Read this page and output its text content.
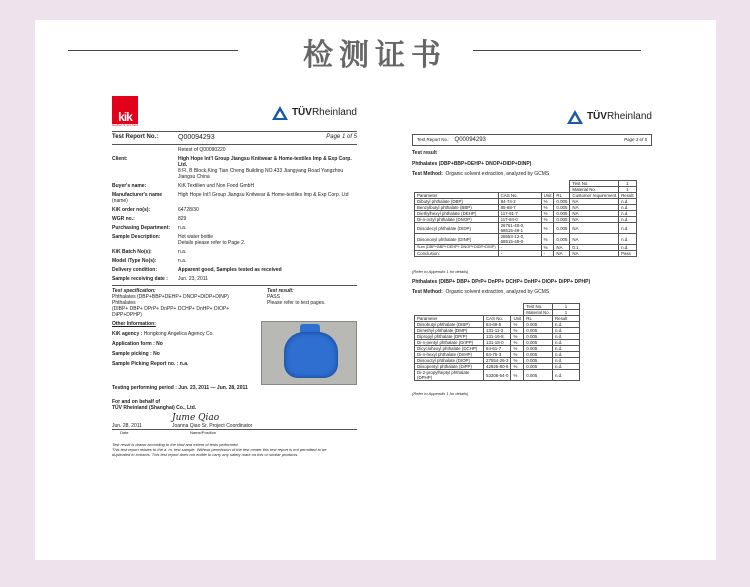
检测证书
kik
textilien & non-food
TÜVRheinland
Test Report No.:	Q00094293	Page 1 of 5
Retest of Q00090220
Client:	High Hope Int'l Group Jiangsu Knitwear & Home-textiles Imp & Exp Corp. Ltd.
8 Fl, B Block,King Tian Cheng Building NO.433 Jiangyang Road Yangzhou Jiangsu China
Buyer's name:	KiK Textilien und Non Food GmbH
Manufacturer's name
(name)
High Hope Int'l Group Jiangsu Knitwear & Home-textiles Imp & Exp Corp. Ltd
KiK order no(s):	64728/30
WGR no.:	829
Purchasing Department:	n.a.
Sample Description:	Hot water bottle
Details please refer to Page 2.
KiK Batch No(s):	n.a.
Model /Type No(s):	n.a.
Delivery condition:	Apparent good, Samples tested as received
Sample receiving date :	Jun. 23, 2011
Test specification:
Phthalates (DBP+BBP+DEHP+ DNOP+DIDP+DINP)
Phthalates
(DIBP+ DBP+ DPrP+ DnPP+ DCHP+ DnHP+ DIOP+
DiPP+DPHP)
Test result:
PASS
Please refer to test pages.
Other Information:
KiK agency : Hongkong Angelica Agency Co.
Application form : No
Sample picking : No
Sample Picking Report no. : n.a.
Testing performing period : Jun. 23, 2011 — Jun. 28, 2011
For and on behalf of
TÜV Rheinland (Shanghai) Co., Ltd.
Jume Qiao
Jun. 28, 2011	Joanna Qiao Sr. Project Coordinator
Date	Name/Position
Test result is drawn according to the kind and extent of tests performed.
This test report relates to the a. m. test sample. Without permission of the test center this test report is not permitted to be
duplicated in extracts. This test report does not entitle to carry any safety mark on this or similar products.
TÜVRheinland
Test Report No.: Q00094293	Page 3 of 5
Test result
Phthalates (DBP+BBP+DEHP+ DNOP+DIDP+DINP)
Test Method: Organic solvent extraction, analyzed by GCMS
				Test No.	1
				Material No.	1
Parameter	CAS No.	Unit	RL	Customer requirement	Result
Dibutyl phthalate (DBP)	84-74-2	%	0.005	NA	n.d.
Benzylbutyl phthalate (BBP)	85-68-7	%	0.005	NA	n.d.
Diethylhexyl phthalate (DEHP)	117-81-7	%	0.005	NA	n.d.
Di-n-octyl phthalate (DNOP)	117-84-0	%	0.005	NA	n.d.
Diisodecyl phthalate (DIDP)	26761-40-0, 68515-49-1	%	0.005	NA	n.d.
Diisononyl phthalate (DINP)	28553-12-0, 68515-48-0	%	0.005	NA	n.d.
Sum (DBP+BBP+DEHP+ DNOP+DIDP+DINP)	-	%	NA	0.1	n.d.
Conclusion:	-	-	NA	NA	Pass
(Refer to Appendix 1 for details)
Phthalates (DIBP+ DBP+ DPrP+ DnPP+ DCHP+ DnHP+ DIOP+ DiPP+ DPHP)
Test Method: Organic solvent extraction, analyzed by GCMS
			Test No.	1
			Material No.	1
Parameter	CAS No.	Unit	RL	Result
Diisobutyl phthalate (DIBP)	84-69-5	%	0.005	n.d.
Dimethyl phthalate (DMP)	131-11-3	%	0.005	n.d.
Dipropyl phthalate (DPrP)	131-16-8	%	0.005	n.d.
Di-n-pentyl phthalate (DnPP)	131-18-0	%	0.005	n.d.
Dicyclohexyl phthalate (DCHP)	84-61-7	%	0.005	n.d.
Di-n-hexyl phthalate (DnHP)	84-75-3	%	0.005	n.d.
Diisooctyl phthalate (DIOP)	27554-26-3	%	0.005	n.d.
Diisopentyl phthalate (DiPP)	42925-80-6	%	0.005	n.d.
Di-2-propylheptyl phthalate (DPHP)	53306-54-0	%	0.005	n.d.
(Refer to Appendix 1 for details)
